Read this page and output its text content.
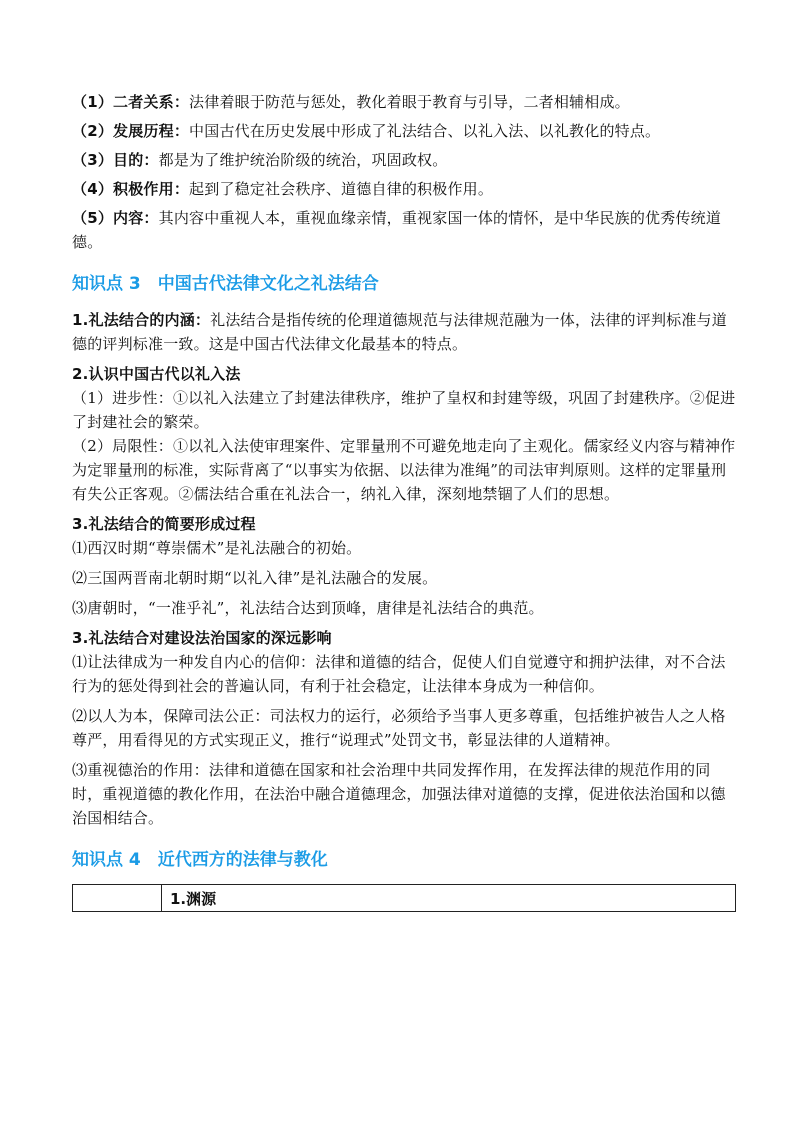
（1）二者关系：法律着眼于防范与惩处，教化着眼于教育与引导，二者相辅相成。

（2）发展历程：中国古代在历史发展中形成了礼法结合、以礼入法、以礼教化的特点。

（3）目的：都是为了维护统治阶级的统治，巩固政权。

（4）积极作用：起到了稳定社会秩序、道德自律的积极作用。

（5）内容：其内容中重视人本，重视血缘亲情，重视家国一体的情怀，是中华民族的优秀传统道德。

知识点 3　中国古代法律文化之礼法结合

1.礼法结合的内涵：礼法结合是指传统的伦理道德规范与法律规范融为一体，法律的评判标准与道德的评判标准一致。这是中国古代法律文化最基本的特点。

2.认识中国古代以礼入法

（1）进步性：①以礼入法建立了封建法律秩序，维护了皇权和封建等级，巩固了封建秩序。②促进了封建社会的繁荣。

（2）局限性：①以礼入法使审理案件、定罪量刑不可避免地走向了主观化。儒家经义内容与精神作为定罪量刑的标准，实际背离了“以事实为依据、以法律为准绳”的司法审判原则。这样的定罪量刑有失公正客观。②儒法结合重在礼法合一，纳礼入律，深刻地禁锢了人们的思想。

3.礼法结合的简要形成过程

⑴西汉时期“尊崇儒术”是礼法融合的初始。

⑵三国两晋南北朝时期“以礼入律”是礼法融合的发展。

⑶唐朝时，“一准乎礼”，礼法结合达到顶峰，唐律是礼法结合的典范。

3.礼法结合对建设法治国家的深远影响

⑴让法律成为一种发自内心的信仰：法律和道德的结合，促使人们自觉遵守和拥护法律，对不合法行为的惩处得到社会的普遍认同，有利于社会稳定，让法律本身成为一种信仰。

⑵以人为本，保障司法公正：司法权力的运行，必须给予当事人更多尊重，包括维护被告人之人格尊严，用看得见的方式实现正义，推行“说理式”处罚文书，彰显法律的人道精神。

⑶重视德治的作用：法律和道德在国家和社会治理中共同发挥作用，在发挥法律的规范作用的同时，重视道德的教化作用，在法治中融合道德理念，加强法律对道德的支撑，促进依法治国和以德治国相结合。

知识点 4　近代西方的法律与教化
	1.渊源
